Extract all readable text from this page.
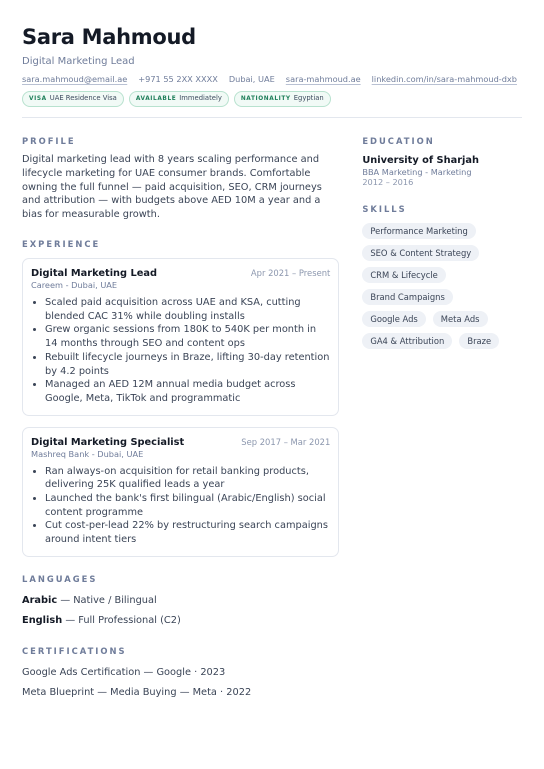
Sara Mahmoud
Digital Marketing Lead
sara.mahmoud@email.ae +971 55 2XX XXXX Dubai, UAE sara-mahmoud.ae linkedin.com/in/sara-mahmoud-dxb
VISA UAE Residence Visa	AVAILABLE Immediately	NATIONALITY Egyptian
PROFILE

Digital marketing lead with 8 years scaling performance and lifecycle marketing for UAE consumer brands. Comfortable owning the full funnel — paid acquisition, SEO, CRM journeys and attribution — with budgets above AED 10M a year and a bias for measurable growth.

EXPERIENCE
Digital Marketing Lead	Apr 2021 – Present
Careem - Dubai, UAE
• Scaled paid acquisition across UAE and KSA, cutting blended CAC 31% while doubling installs
• Grew organic sessions from 180K to 540K per month in 14 months through SEO and content ops
• Rebuilt lifecycle journeys in Braze, lifting 30-day retention by 4.2 points
• Managed an AED 12M annual media budget across Google, Meta, TikTok and programmatic
Digital Marketing Specialist	Sep 2017 – Mar 2021
Mashreq Bank - Dubai, UAE
• Ran always-on acquisition for retail banking products, delivering 25K qualified leads a year
• Launched the bank's first bilingual (Arabic/English) social content programme
• Cut cost-per-lead 22% by restructuring search campaigns around intent tiers
LANGUAGES
Arabic — Native / Bilingual
English — Full Professional (C2)
CERTIFICATIONS
Google Ads Certification — Google · 2023
Meta Blueprint — Media Buying — Meta · 2022
EDUCATION
University of Sharjah
BBA Marketing - Marketing
2012 – 2016
SKILLS
Performance Marketing
SEO & Content Strategy
CRM & Lifecycle
Brand Campaigns
Google Ads	Meta Ads
GA4 & Attribution	Braze
